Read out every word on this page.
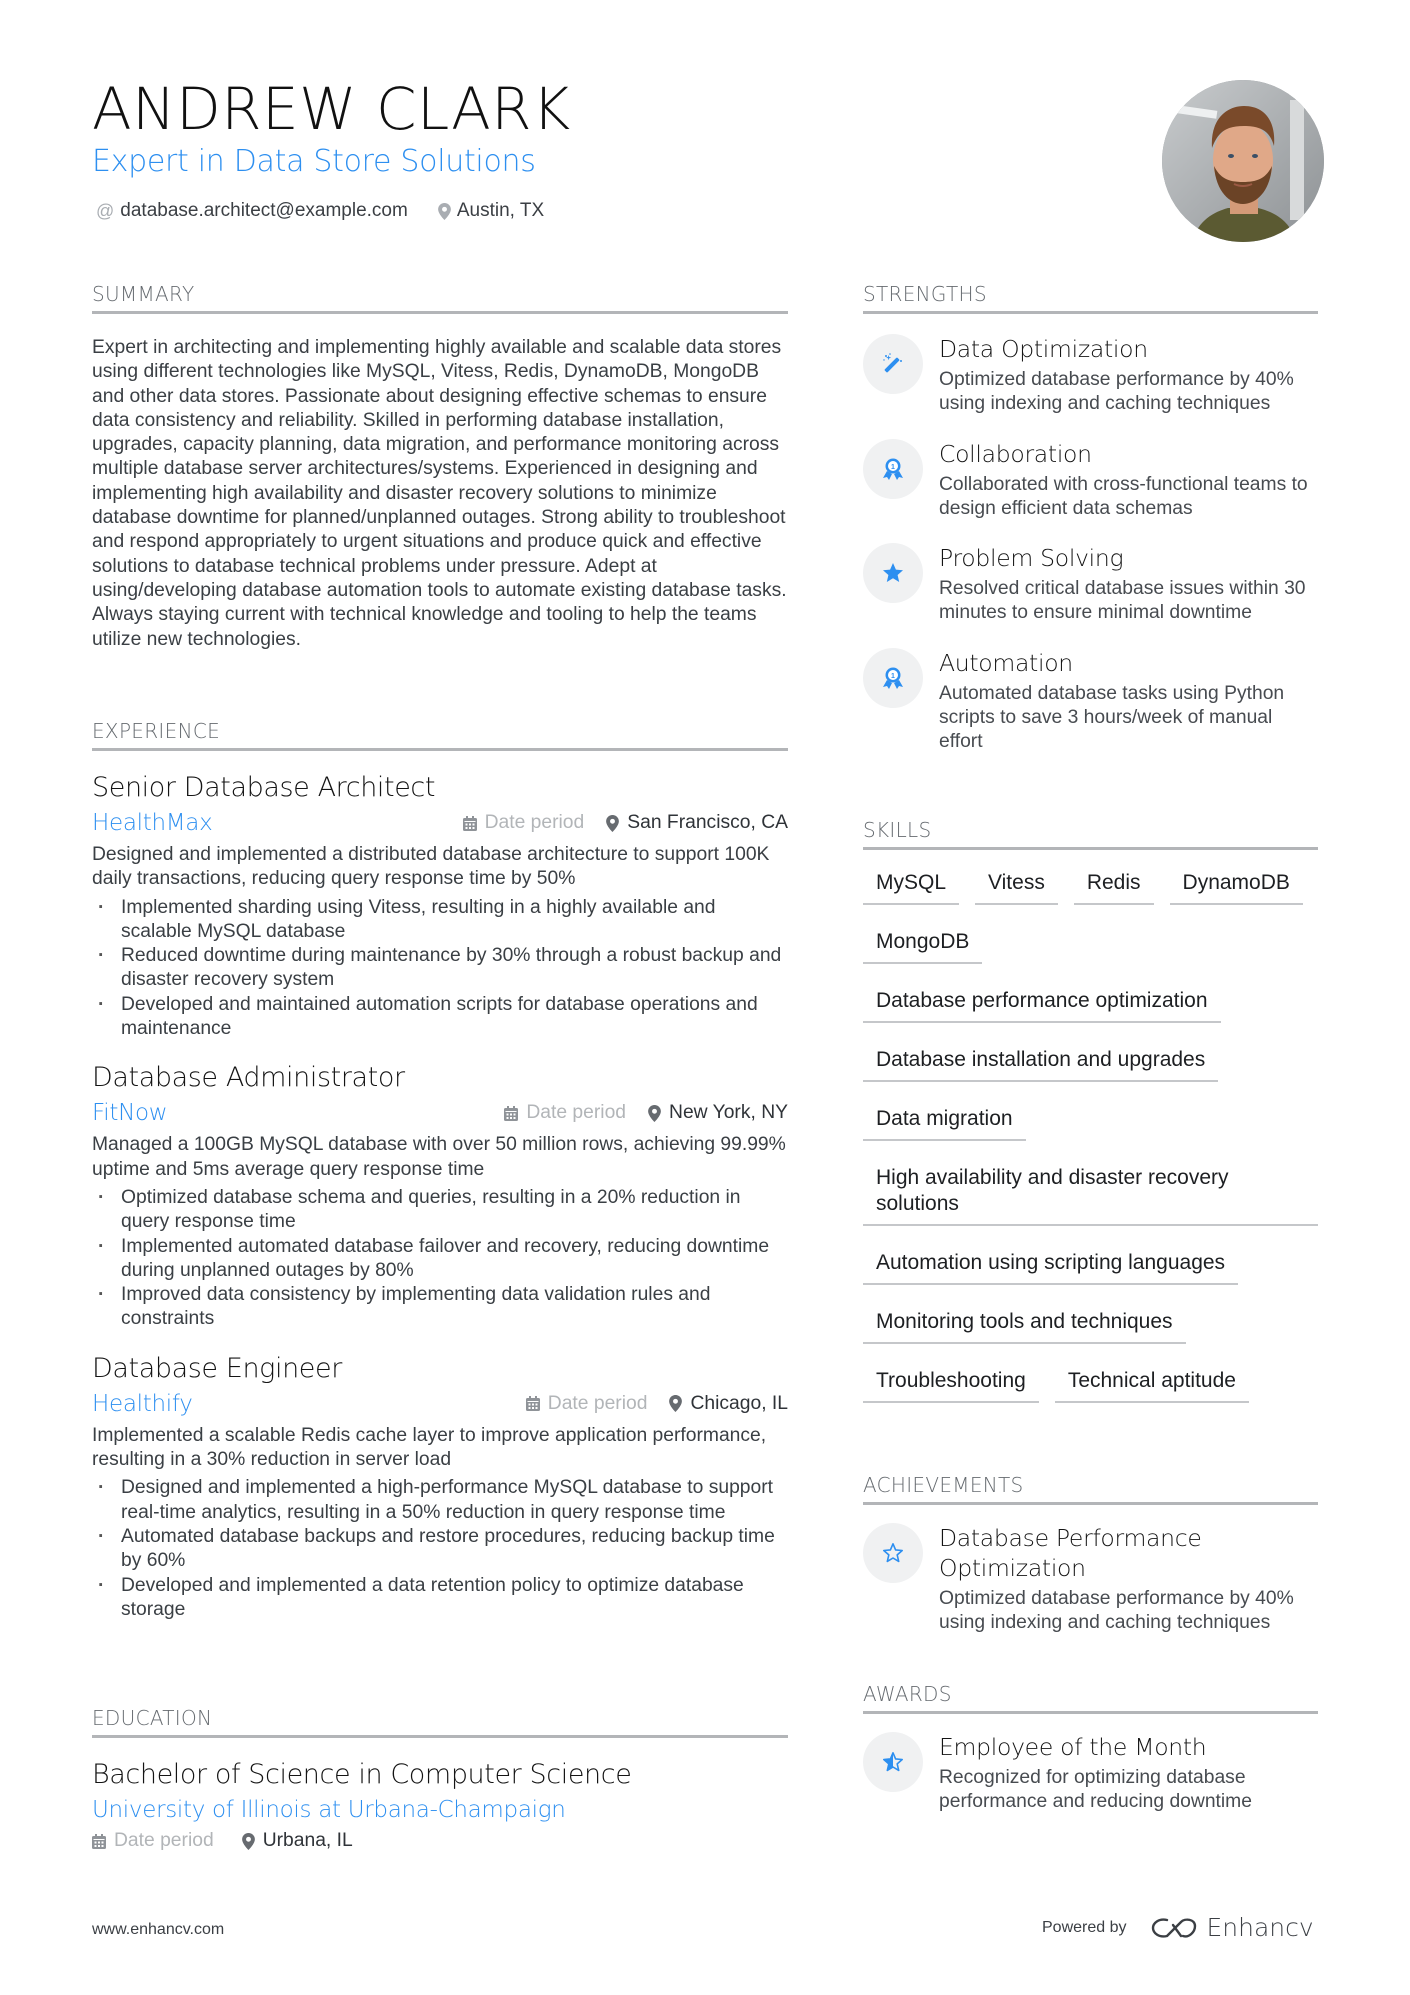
ANDREW CLARK
Expert in Data Store Solutions
@ database.architect@example.com	Austin, TX
SUMMARY
Expert in architecting and implementing highly available and scalable data stores using different technologies like MySQL, Vitess, Redis, DynamoDB, MongoDB and other data stores. Passionate about designing effective schemas to ensure data consistency and reliability. Skilled in performing database installation, upgrades, capacity planning, data migration, and performance monitoring across multiple database server architectures/systems. Experienced in designing and implementing high availability and disaster recovery solutions to minimize database downtime for planned/unplanned outages. Strong ability to troubleshoot and respond appropriately to urgent situations and produce quick and effective solutions to database technical problems under pressure. Adept at using/developing database automation tools to automate existing database tasks. Always staying current with technical knowledge and tooling to help the teams utilize new technologies.
EXPERIENCE
Senior Database Architect
HealthMax	Date period San Francisco, CA
Designed and implemented a distributed database architecture to support 100K daily transactions, reducing query response time by 50%
· Implemented sharding using Vitess, resulting in a highly available and scalable MySQL database
· Reduced downtime during maintenance by 30% through a robust backup and disaster recovery system
· Developed and maintained automation scripts for database operations and maintenance
Database Administrator
FitNow	Date period New York, NY
Managed a 100GB MySQL database with over 50 million rows, achieving 99.99% uptime and 5ms average query response time
· Optimized database schema and queries, resulting in a 20% reduction in query response time
· Implemented automated database failover and recovery, reducing downtime during unplanned outages by 80%
· Improved data consistency by implementing data validation rules and constraints
Database Engineer
Healthify	Date period Chicago, IL
Implemented a scalable Redis cache layer to improve application performance, resulting in a 30% reduction in server load
· Designed and implemented a high-performance MySQL database to support real-time analytics, resulting in a 50% reduction in query response time
· Automated database backups and restore procedures, reducing backup time by 60%
· Developed and implemented a data retention policy to optimize database storage
EDUCATION
Bachelor of Science in Computer Science
University of Illinois at Urbana-Champaign
Date period	Urbana, IL
STRENGTHS
Data Optimization
Optimized database performance by 40% using indexing and caching techniques
1 Collaboration
Collaborated with cross-functional teams to design efficient data schemas
Problem Solving
Resolved critical database issues within 30 minutes to ensure minimal downtime
1 Automation
Automated database tasks using Python scripts to save 3 hours/week of manual effort
SKILLS
MySQL	Vitess	Redis	DynamoDB
MongoDB
Database performance optimization
Database installation and upgrades
Data migration
High availability and disaster recovery solutions
Automation using scripting languages
Monitoring tools and techniques
Troubleshooting	Technical aptitude
ACHIEVEMENTS
Database Performance Optimization
Optimized database performance by 40% using indexing and caching techniques
AWARDS
Employee of the Month
Recognized for optimizing database performance and reducing downtime
www.enhancv.com	Powered by	Enhancv
